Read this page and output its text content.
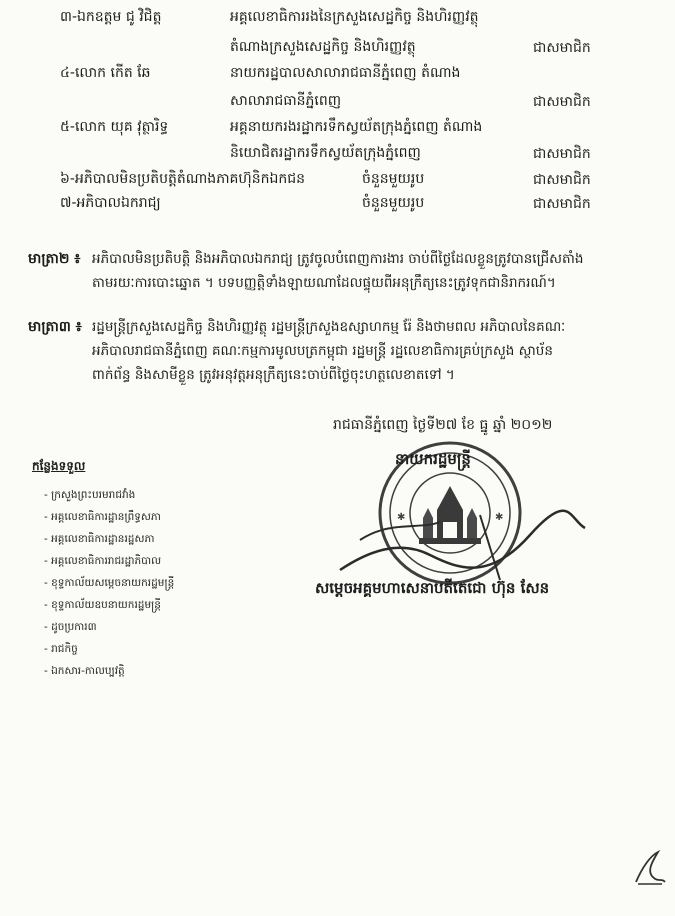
៣-ឯកឧត្តម ជូ វិជិត្ត	អគ្គលេខាធិការរងនៃក្រសួងសេដ្ឋកិច្ច និងហិរញ្ញវត្ថុ
តំណាងក្រសួងសេដ្ឋកិច្ច និងហិរញ្ញវត្ថុ	ជាសមាជិក
៤-លោក កើត ឆែ	នាយករដ្ឋបាលសាលារាជធានីភ្នំពេញ តំណាង
សាលារាជធានីភ្នំពេញ	ជាសមាជិក
៥-លោក យុគ វុត្ថារិទ្ធ	អគ្គនាយករងរដ្ឋាករទឹកស្វយ័តក្រុងភ្នំពេញ តំណាង
និយោជិតរដ្ឋាករទឹកស្វយ័តក្រុងភ្នំពេញ	ជាសមាជិក
៦-អភិបាលមិនប្រតិបត្តិតំណាងភាគហ៊ុនិកឯកជន	ចំនួនមួយរូប	ជាសមាជិក
៧-អភិបាលឯករាជ្យ	ចំនួនមួយរូប	ជាសមាជិក
មាត្រា២ ៖ អភិបាលមិនប្រតិបត្តិ និងអភិបាលឯករាជ្យ ត្រូវចូលបំពេញការងារ ចាប់ពីថ្ងៃដែលខ្លួនត្រូវបានជ្រើសតាំង
តាមរយៈការបោះឆ្នោត ។ បទបញ្ញត្តិទាំងឡាយណាដែលផ្ទុយពីអនុក្រឹត្យនេះត្រូវទុកជានិរាករណ៍។
មាត្រា៣ ៖ រដ្ឋមន្ត្រីក្រសួងសេដ្ឋកិច្ច និងហិរញ្ញវត្ថុ រដ្ឋមន្ត្រីក្រសួងឧស្សាហកម្ម រ៉ែ និងថាមពល អភិបាលនៃគណៈ
អភិបាលរាជធានីភ្នំពេញ គណៈកម្មការមូលបត្រកម្ពុជា រដ្ឋមន្ត្រី រដ្ឋលេខាធិការគ្រប់ក្រសួង ស្ថាប័ន
ពាក់ព័ន្ធ និងសាមីខ្លួន ត្រូវអនុវត្តអនុក្រឹត្យនេះចាប់ពីថ្ងៃចុះហត្ថលេខាតទៅ ។
រាជធានីភ្នំពេញ ថ្ងៃទី២៧ ខែ ធ្នូ ឆ្នាំ ២០១២
✱	✱
នាយករដ្ឋមន្ត្រី
សម្តេចអគ្គមហាសេនាបតីតេជោ ហ៊ុន សែន
កន្លែងទទួល
- ក្រសួងព្រះបរមរាជវាំង
- អគ្គលេខាធិការដ្ឋានព្រឹទ្ធសភា
- អគ្គលេខាធិការដ្ឋានរដ្ឋសភា
- អគ្គលេខាធិការរាជរដ្ឋាភិបាល
- ខុទ្ទកាល័យសម្តេចនាយករដ្ឋមន្ត្រី
- ខុទ្ទកាល័យឧបនាយករដ្ឋមន្ត្រី
- ដូចប្រការ៣
- រាជកិច្ច
- ឯកសារ-កាលប្បវត្តិ
